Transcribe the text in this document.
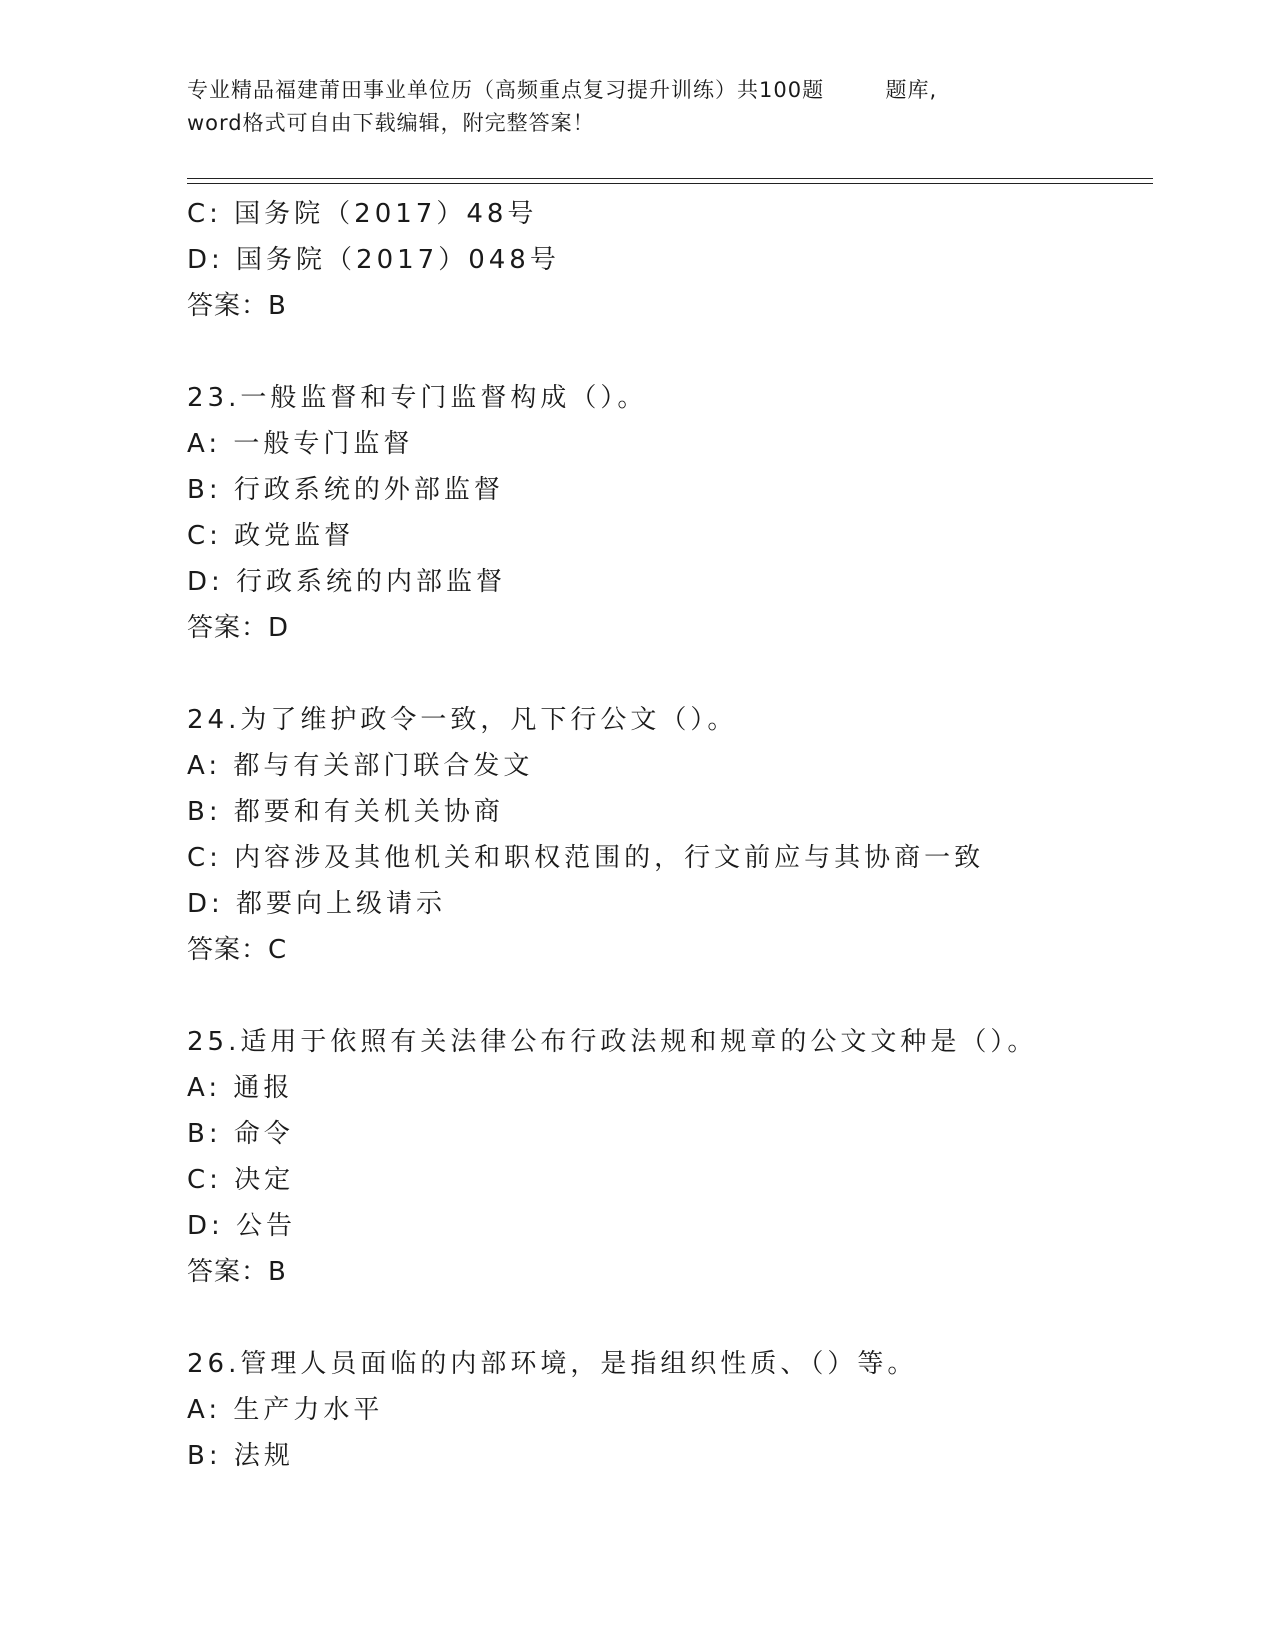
专业精品福建莆田事业单位历（高频重点复习提升训练）共100题        题库,
word格式可自由下载编辑，附完整答案！
C: 国务院（2017）48号
D: 国务院（2017）048号
答案：B
23.一般监督和专门监督构成（）。
A: 一般专门监督
B: 行政系统的外部监督
C: 政党监督
D: 行政系统的内部监督
答案：D
24.为了维护政令一致，凡下行公文（）。
A: 都与有关部门联合发文
B: 都要和有关机关协商
C: 内容涉及其他机关和职权范围的，行文前应与其协商一致
D: 都要向上级请示
答案：C
25.适用于依照有关法律公布行政法规和规章的公文文种是（）。
A: 通报
B: 命令
C: 决定
D: 公告
答案：B
26.管理人员面临的内部环境，是指组织性质、（）等。
A: 生产力水平
B: 法规
